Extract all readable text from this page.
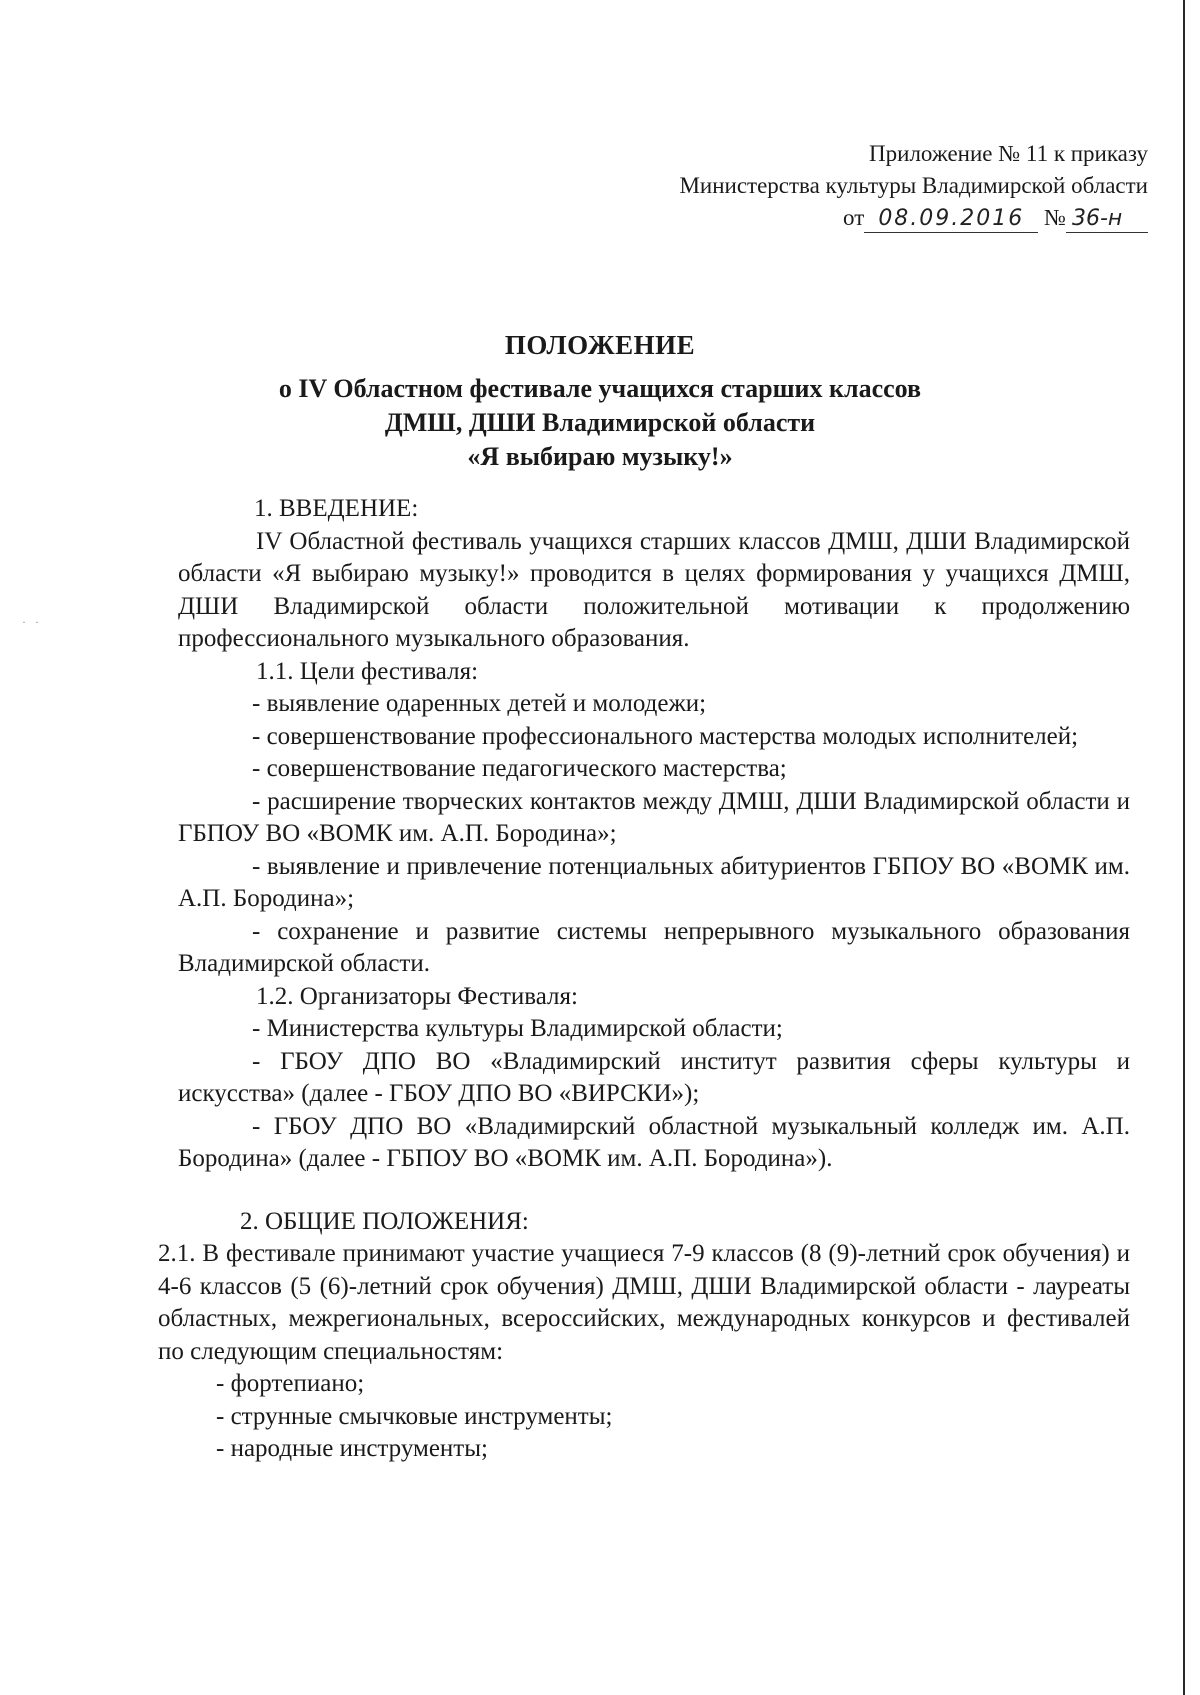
· ·
Приложение № 11 к приказу
Министерства культуры Владимирской области
от 08.09.2016 № 36-н
ПОЛОЖЕНИЕ
о IV Областном фестивале учащихся старших классов
ДМШ, ДШИ Владимирской области
«Я выбираю музыку!»

1. ВВЕДЕНИЕ:

IV Областной фестиваль учащихся старших классов ДМШ, ДШИ Владимирской области «Я выбираю музыку!» проводится в целях формирования у учащихся ДМШ, ДШИ Владимирской области положительной мотивации к продолжению профессионального музыкального образования.

1.1. Цели фестиваля:

- выявление одаренных детей и молодежи;

- совершенствование профессионального мастерства молодых исполнителей;

- совершенствование педагогического мастерства;

- расширение творческих контактов между ДМШ, ДШИ Владимирской области и ГБПОУ ВО «ВОМК им. А.П. Бородина»;

- выявление и привлечение потенциальных абитуриентов ГБПОУ ВО «ВОМК им. А.П. Бородина»;

- сохранение и развитие системы непрерывного музыкального образования Владимирской области.

1.2. Организаторы Фестиваля:

- Министерства культуры Владимирской области;

- ГБОУ ДПО ВО «Владимирский институт развития сферы культуры и искусства» (далее - ГБОУ ДПО ВО «ВИРСКИ»);

- ГБОУ ДПО ВО «Владимирский областной музыкальный колледж им. А.П. Бородина» (далее - ГБПОУ ВО «ВОМК им. А.П. Бородина»).

2. ОБЩИЕ ПОЛОЖЕНИЯ:

2.1. В фестивале принимают участие учащиеся 7-9 классов (8 (9)-летний срок обучения) и 4-6 классов (5 (6)-летний срок обучения) ДМШ, ДШИ Владимирской области - лауреаты областных, межрегиональных, всероссийских, международных конкурсов и фестивалей по следующим специальностям:

- фортепиано;

- струнные смычковые инструменты;

- народные инструменты;
